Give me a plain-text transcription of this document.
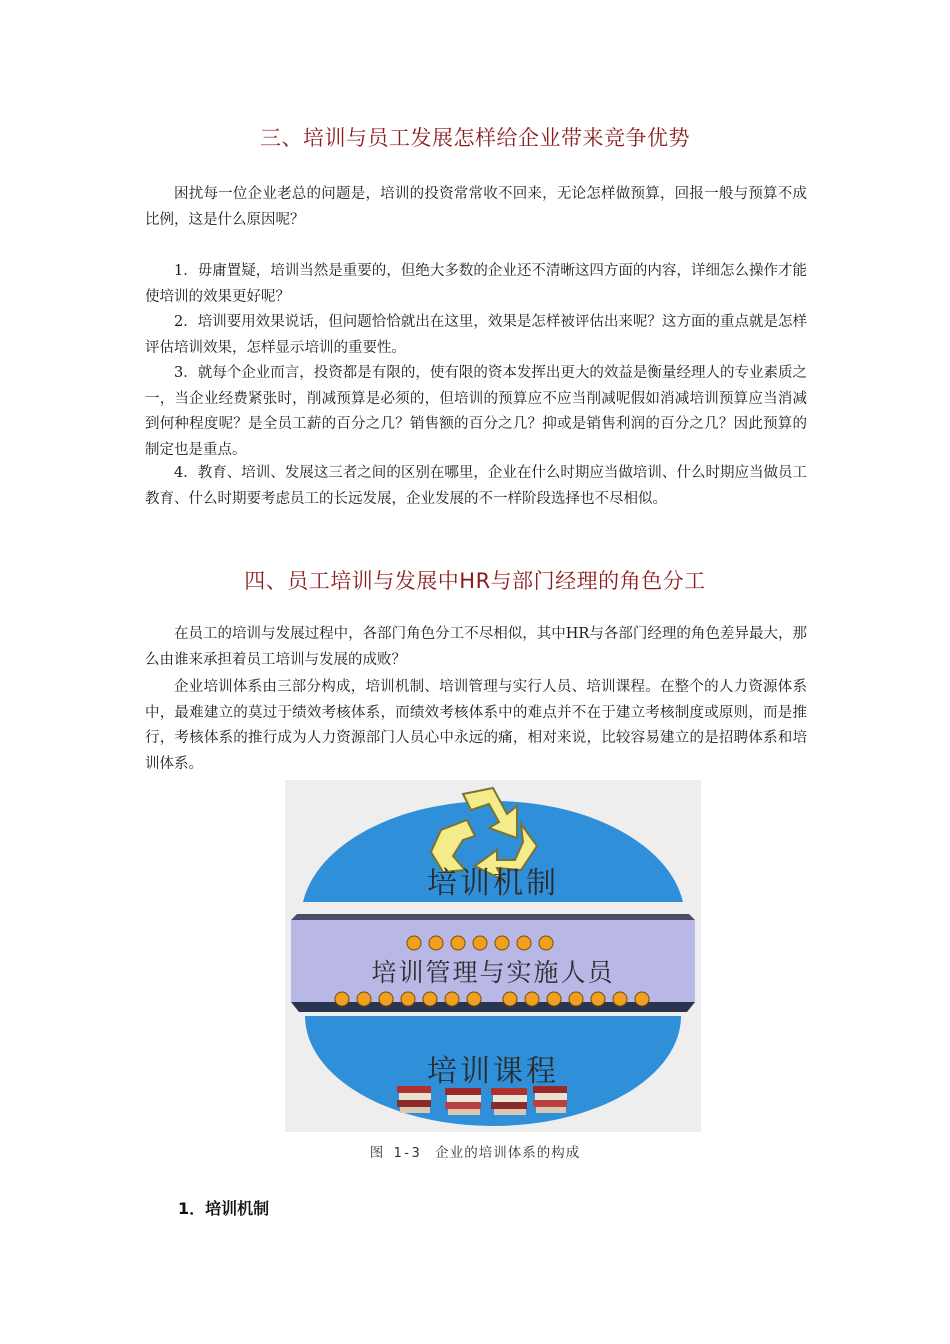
三、培训与员工发展怎样给企业带来竞争优势

困扰每一位企业老总的问题是，培训的投资常常收不回来，无论怎样做预算，回报一般与预算不成比例，这是什么原因呢？

1．毋庸置疑，培训当然是重要的，但绝大多数的企业还不清晰这四方面的内容，详细怎么操作才能使培训的效果更好呢？

2．培训要用效果说话，但问题恰恰就出在这里，效果是怎样被评估出来呢？这方面的重点就是怎样评估培训效果，怎样显示培训的重要性。

3．就每个企业而言，投资都是有限的，使有限的资本发挥出更大的效益是衡量经理人的专业素质之一，当企业经费紧张时，削减预算是必须的，但培训的预算应不应当削减呢假如消减培训预算应当消减到何种程度呢？是全员工薪的百分之几？销售额的百分之几？抑或是销售利润的百分之几？因此预算的制定也是重点。

4．教育、培训、发展这三者之间的区别在哪里，企业在什么时期应当做培训、什么时期应当做员工教育、什么时期要考虑员工的长远发展，企业发展的不一样阶段选择也不尽相似。

四、员工培训与发展中HR与部门经理的角色分工

在员工的培训与发展过程中，各部门角色分工不尽相似，其中HR与各部门经理的角色差异最大，那么由谁来承担着员工培训与发展的成败？

企业培训体系由三部分构成，培训机制、培训管理与实行人员、培训课程。在整个的人力资源体系中，最难建立的莫过于绩效考核体系，而绩效考核体系中的难点并不在于建立考核制度或原则，而是推行，考核体系的推行成为人力资源部门人员心中永远的痛，相对来说，比较容易建立的是招聘体系和培训体系。

培训机制
培训管理与实施人员
培训课程
图 1-3　企业的培训体系的构成
1．培训机制
